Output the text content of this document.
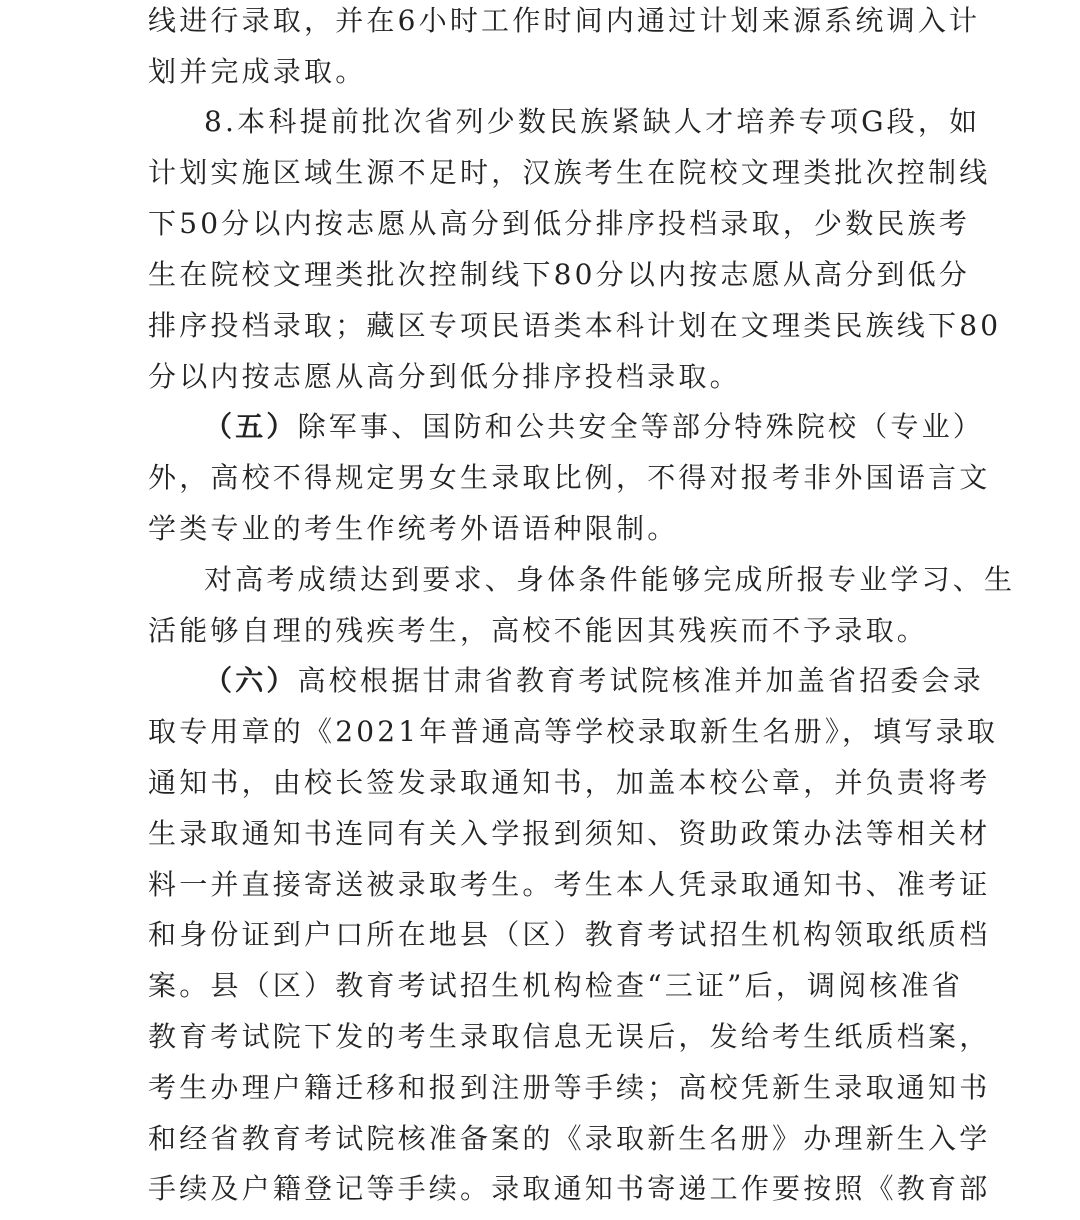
线进行录取，并在6小时工作时间内通过计划来源系统调入计
划并完成录取。
8.本科提前批次省列少数民族紧缺人才培养专项G段，如
计划实施区域生源不足时，汉族考生在院校文理类批次控制线
下50分以内按志愿从高分到低分排序投档录取，少数民族考
生在院校文理类批次控制线下80分以内按志愿从高分到低分
排序投档录取；藏区专项民语类本科计划在文理类民族线下80
分以内按志愿从高分到低分排序投档录取。
（五）除军事、国防和公共安全等部分特殊院校（专业）
外，高校不得规定男女生录取比例，不得对报考非外国语言文
学类专业的考生作统考外语语种限制。
对高考成绩达到要求、身体条件能够完成所报专业学习、生
活能够自理的残疾考生，高校不能因其残疾而不予录取。
（六）高校根据甘肃省教育考试院核准并加盖省招委会录
取专用章的《2021年普通高等学校录取新生名册》，填写录取
通知书，由校长签发录取通知书，加盖本校公章，并负责将考
生录取通知书连同有关入学报到须知、资助政策办法等相关材
料一并直接寄送被录取考生。考生本人凭录取通知书、准考证
和身份证到户口所在地县（区）教育考试招生机构领取纸质档
案。县（区）教育考试招生机构检查“三证”后，调阅核准省
教育考试院下发的考生录取信息无误后，发给考生纸质档案，
考生办理户籍迁移和报到注册等手续；高校凭新生录取通知书
和经省教育考试院核准备案的《录取新生名册》办理新生入学
手续及户籍登记等手续。录取通知书寄递工作要按照《教育部
